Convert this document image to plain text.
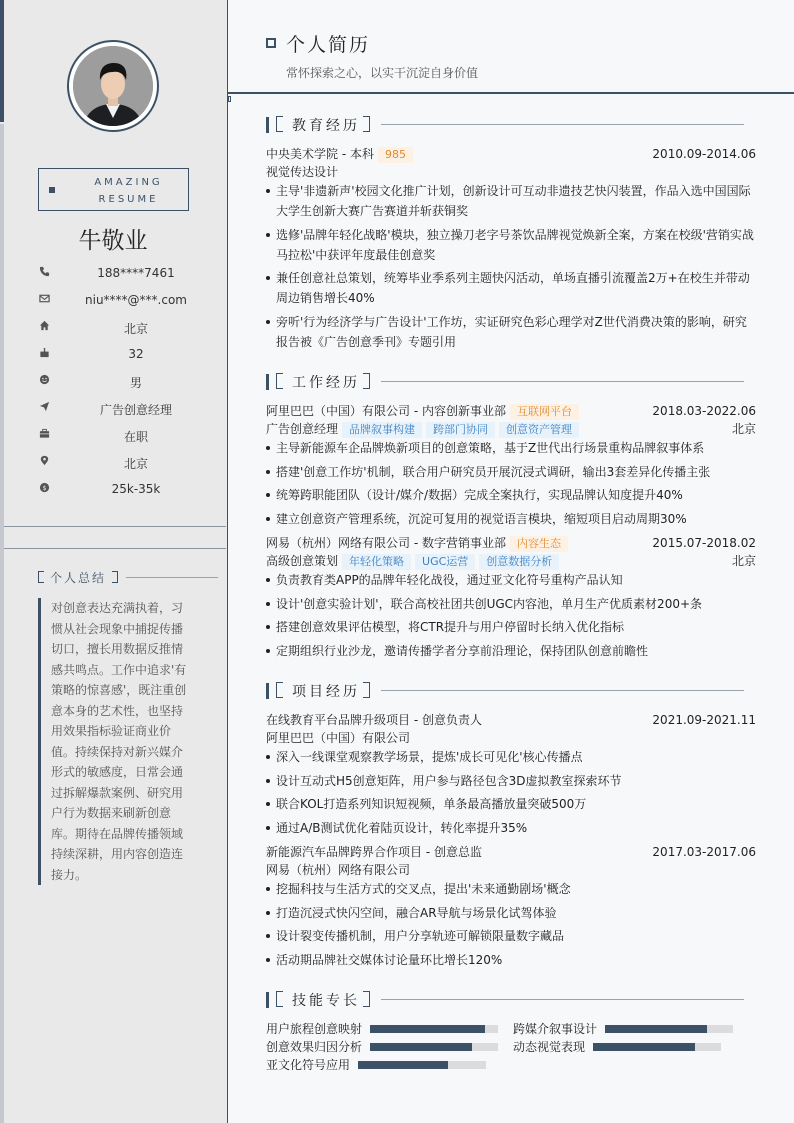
AMAZING
RESUME
牛敬业
188****7461
niu****@***.com
北京
32
男
广告创意经理
在职
北京
$	25k-35k
个人总结
对创意表达充满执着，习惯从社会现象中捕捉传播切口，擅长用数据反推情感共鸣点。工作中追求'有策略的惊喜感'，既注重创意本身的艺术性，也坚持用效果指标验证商业价值。持续保持对新兴媒介形式的敏感度，日常会通过拆解爆款案例、研究用户行为数据来刷新创意库。期待在品牌传播领域持续深耕，用内容创造连接力。
个人简历
常怀探索之心，以实干沉淀自身价值
教育经历
中央美术学院 - 本科 985	2010.09-2014.06
视觉传达设计
主导'非遗新声'校园文化推广计划，创新设计可互动非遗技艺快闪装置，作品入选中国国际大学生创新大赛广告赛道并斩获铜奖
选修'品牌年轻化战略'模块，独立操刀老字号茶饮品牌视觉焕新全案，方案在校级'营销实战马拉松'中获评年度最佳创意奖
兼任创意社总策划，统筹毕业季系列主题快闪活动，单场直播引流覆盖2万+在校生并带动周边销售增长40%
旁听'行为经济学与广告设计'工作坊，实证研究色彩心理学对Z世代消费决策的影响，研究报告被《广告创意季刊》专题引用
工作经历
阿里巴巴（中国）有限公司 - 内容创新事业部 互联网平台	2018.03-2022.06
广告创意经理 品牌叙事构建 跨部门协同 创意资产管理	北京
主导新能源车企品牌焕新项目的创意策略，基于Z世代出行场景重构品牌叙事体系
搭建'创意工作坊'机制，联合用户研究员开展沉浸式调研，输出3套差异化传播主张
统筹跨职能团队（设计/媒介/数据）完成全案执行，实现品牌认知度提升40%
建立创意资产管理系统，沉淀可复用的视觉语言模块，缩短项目启动周期30%
网易（杭州）网络有限公司 - 数字营销事业部 内容生态	2015.07-2018.02
高级创意策划 年轻化策略 UGC运营 创意数据分析	北京
负责教育类APP的品牌年轻化战役，通过亚文化符号重构产品认知
设计'创意实验计划'，联合高校社团共创UGC内容池，单月生产优质素材200+条
搭建创意效果评估模型，将CTR提升与用户停留时长纳入优化指标
定期组织行业沙龙，邀请传播学者分享前沿理论，保持团队创意前瞻性
项目经历
在线教育平台品牌升级项目 - 创意负责人	2021.09-2021.11
阿里巴巴（中国）有限公司
深入一线课堂观察教学场景，提炼'成长可见化'核心传播点
设计互动式H5创意矩阵，用户参与路径包含3D虚拟教室探索环节
联合KOL打造系列知识短视频，单条最高播放量突破500万
通过A/B测试优化着陆页设计，转化率提升35%
新能源汽车品牌跨界合作项目 - 创意总监	2017.03-2017.06
网易（杭州）网络有限公司
挖掘科技与生活方式的交叉点，提出'未来通勤剧场'概念
打造沉浸式快闪空间，融合AR导航与场景化试驾体验
设计裂变传播机制，用户分享轨迹可解锁限量数字藏品
活动期品牌社交媒体讨论量环比增长120%
技能专长
用户旅程创意映射	跨媒介叙事设计
创意效果归因分析	动态视觉表现
亚文化符号应用
